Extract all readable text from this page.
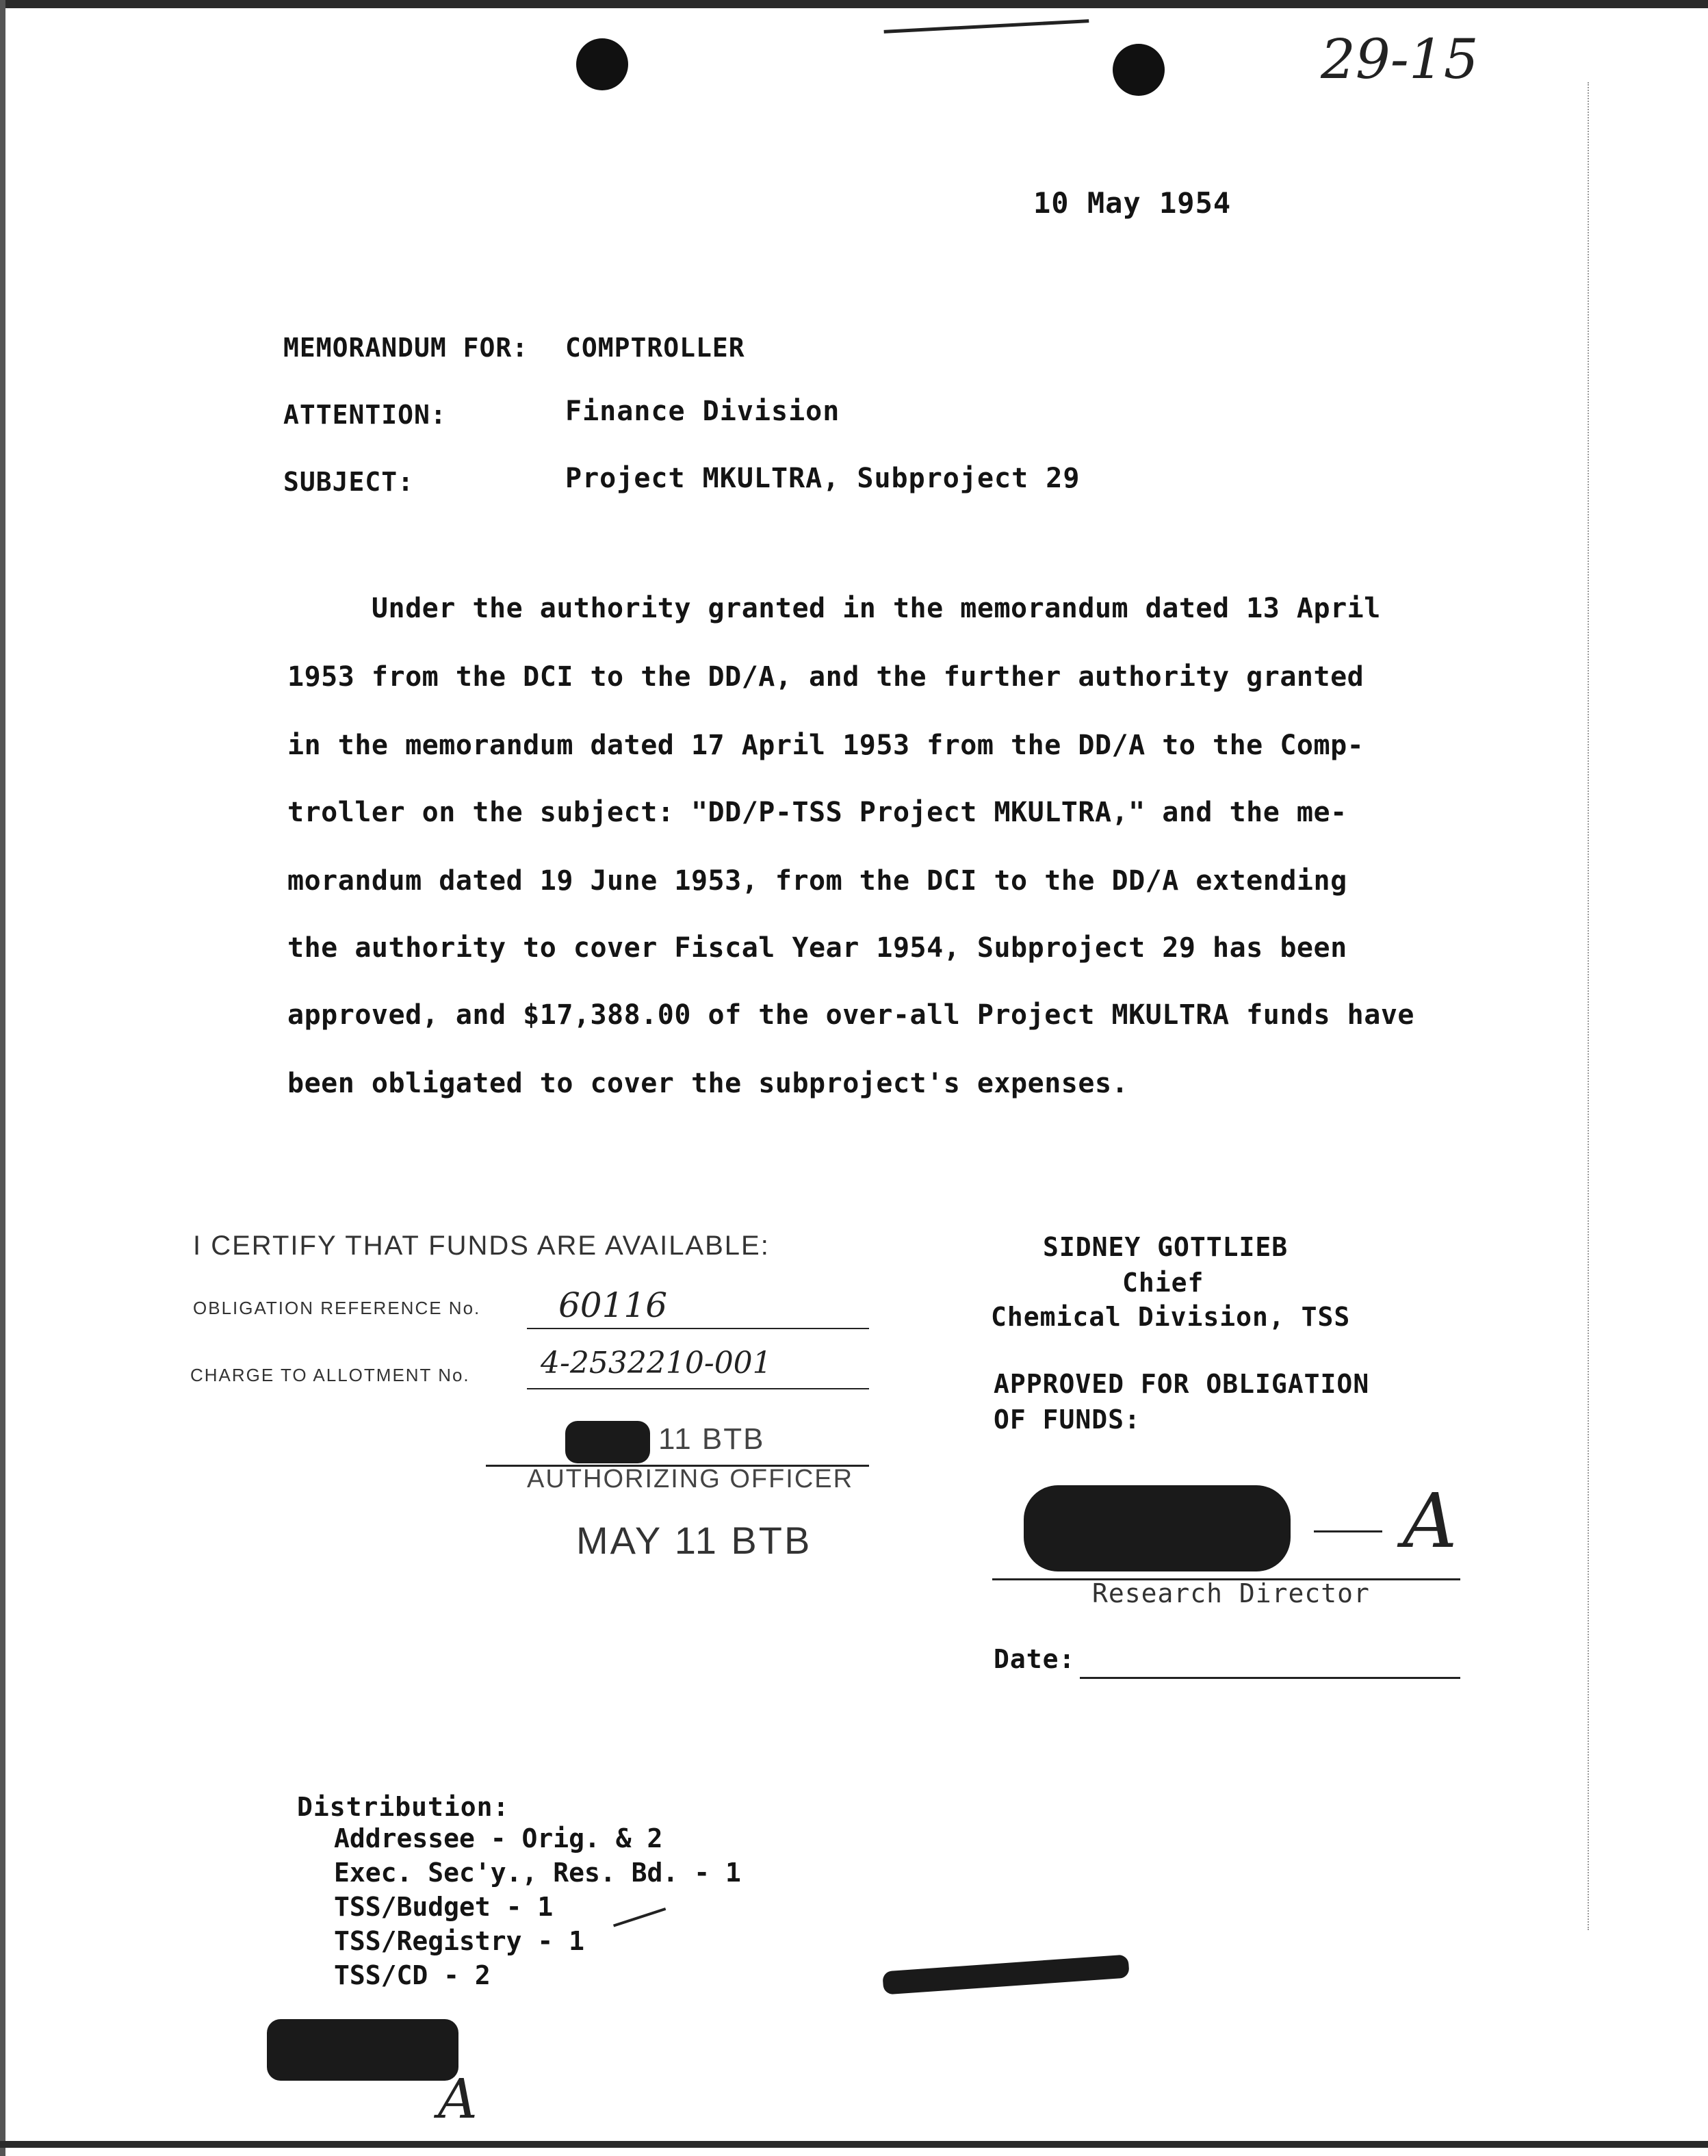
29-15
10 May 1954
MEMORANDUM FOR: COMPTROLLER
ATTENTION:	Finance Division
SUBJECT:	Project MKULTRA, Subproject 29
Under the authority granted in the memorandum dated 13 April
1953 from the DCI to the DD/A, and the further authority granted
in the memorandum dated 17 April 1953 from the DD/A to the Comp-
troller on the subject: "DD/P-TSS Project MKULTRA," and the me-
morandum dated 19 June 1953, from the DCI to the DD/A extending
the authority to cover Fiscal Year 1954, Subproject 29 has been
approved, and $17,388.00 of the over-all Project MKULTRA funds have
been obligated to cover the subproject's expenses.
I CERTIFY THAT FUNDS ARE AVAILABLE:
OBLIGATION REFERENCE No. 60116
CHARGE TO ALLOTMENT No. 4-2532210-001
11 BTB
AUTHORIZING OFFICER
MAY 11 BTB
SIDNEY GOTTLIEB
Chief
Chemical Division, TSS
APPROVED FOR OBLIGATION
OF FUNDS:
A
Research Director
Date:
Distribution:
Addressee - Orig. & 2
Exec. Sec'y., Res. Bd. - 1
TSS/Budget - 1
TSS/Registry - 1
TSS/CD - 2
A
